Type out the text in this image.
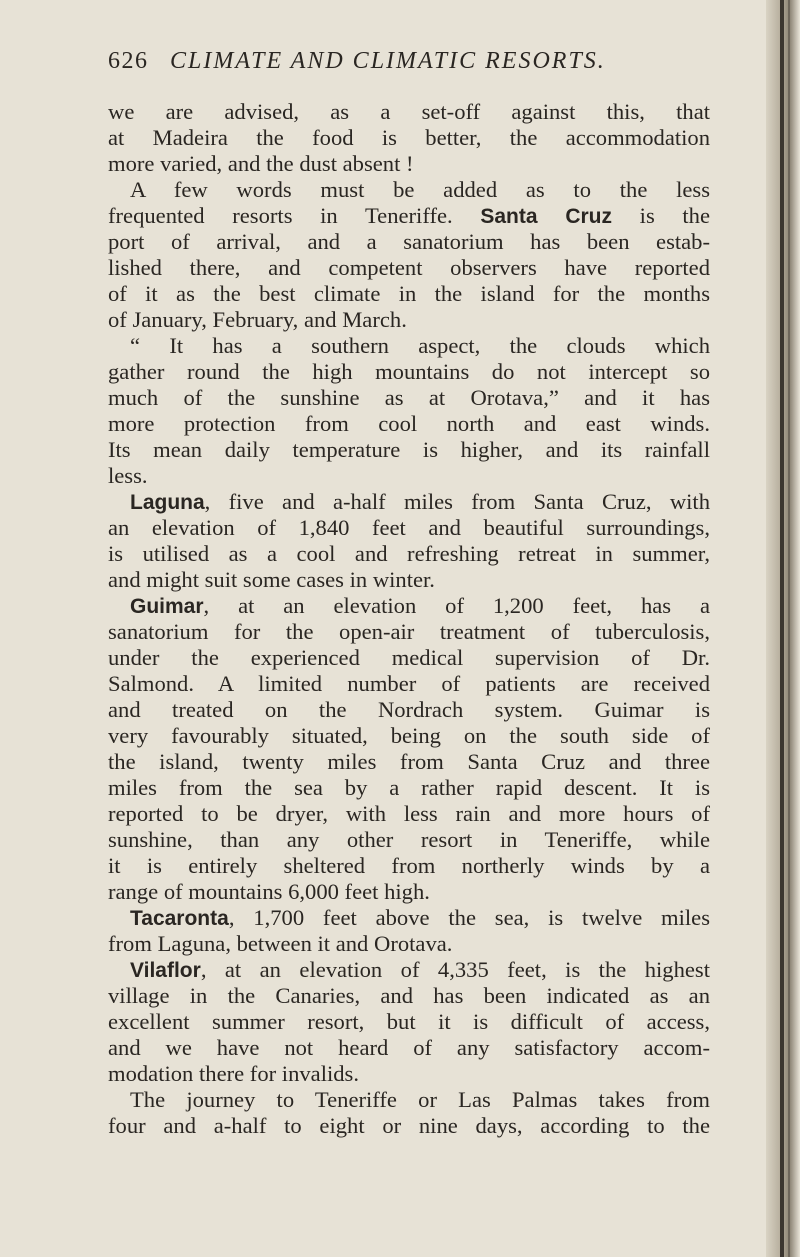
626 CLIMATE AND CLIMATIC RESORTS.
we are advised, as a set-off against this, that
at Madeira the food is better, the accommodation
more varied, and the dust absent !
A few words must be added as to the less
frequented resorts in Teneriffe. Santa Cruz is the
port of arrival, and a sanatorium has been estab-
lished there, and competent observers have reported
of it as the best climate in the island for the months
of January, February, and March.
“ It has a southern aspect, the clouds which
gather round the high mountains do not intercept so
much of the sunshine as at Orotava,” and it has
more protection from cool north and east winds.
Its mean daily temperature is higher, and its rainfall
less.
Laguna, five and a-half miles from Santa Cruz, with
an elevation of 1,840 feet and beautiful surroundings,
is utilised as a cool and refreshing retreat in summer,
and might suit some cases in winter.
Guimar, at an elevation of 1,200 feet, has a
sanatorium for the open-air treatment of tuberculosis,
under the experienced medical supervision of Dr.
Salmond. A limited number of patients are received
and treated on the Nordrach system. Guimar is
very favourably situated, being on the south side of
the island, twenty miles from Santa Cruz and three
miles from the sea by a rather rapid descent. It is
reported to be dryer, with less rain and more hours of
sunshine, than any other resort in Teneriffe, while
it is entirely sheltered from northerly winds by a
range of mountains 6,000 feet high.
Tacaronta, 1,700 feet above the sea, is twelve miles
from Laguna, between it and Orotava.
Vilaflor, at an elevation of 4,335 feet, is the highest
village in the Canaries, and has been indicated as an
excellent summer resort, but it is difficult of access,
and we have not heard of any satisfactory accom-
modation there for invalids.
The journey to Teneriffe or Las Palmas takes from
four and a-half to eight or nine days, according to the
